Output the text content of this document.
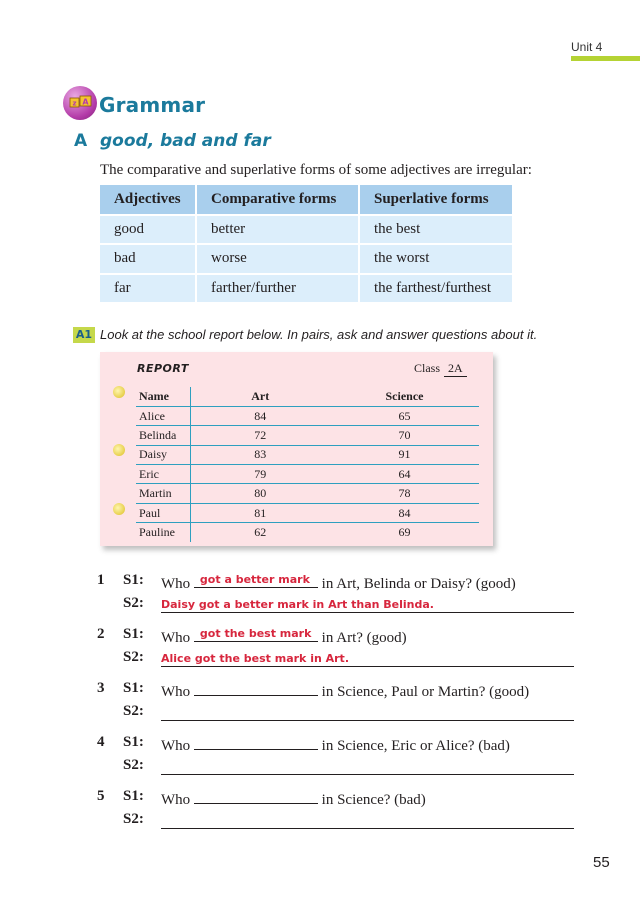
Unit 4
z A Grammar
A good, bad and far
The comparative and superlative forms of some adjectives are irregular:
Adjectives	Comparative forms	Superlative forms
good	better	the best
bad	worse	the worst
far	farther/further	the farthest/furthest
A1 Look at the school report below. In pairs, ask and answer questions about it.
REPORT	Class 2A
Name	Art	Science
Alice	84	65
Belinda	72	70
Daisy	83	91
Eric	79	64
Martin	80	78
Paul	81	84
Pauline	62	69
1 S1: Who got a better mark in Art, Belinda or Daisy? (good)
S2: Daisy got a better mark in Art than Belinda.
2 S1: Who got the best mark in Art? (good)
S2: Alice got the best mark in Art.
3 S1: Who	in Science, Paul or Martin? (good)
S2:
4 S1: Who	in Science, Eric or Alice? (bad)
S2:
5 S1: Who	in Science? (bad)
S2:
55
